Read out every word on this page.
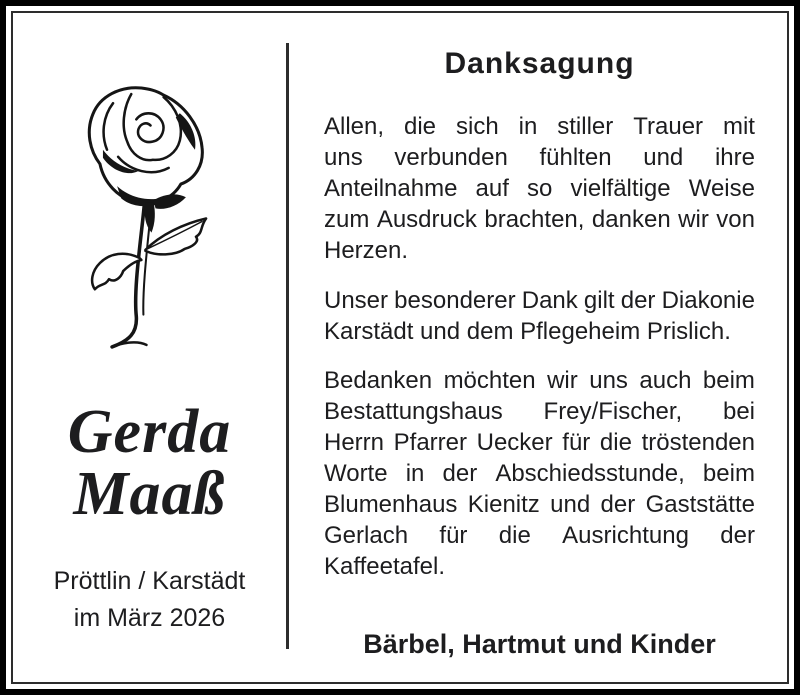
Gerda
Maaß
Pröttlin / Karstädt
im März 2026
Danksagung
Allen, die sich in stiller Trauer mit
uns verbunden fühlten und ihre
Anteilnahme auf so vielfältige Weise
zum Ausdruck brachten, danken wir von
Herzen.
Unser besonderer Dank gilt der Diakonie
Karstädt und dem Pflegeheim Prislich.
Bedanken möchten wir uns auch beim
Bestattungshaus Frey/Fischer, bei
Herrn Pfarrer Uecker für die tröstenden
Worte in der Abschiedsstunde, beim
Blumenhaus Kienitz und der Gaststätte
Gerlach für die Ausrichtung der
Kaffeetafel.
Bärbel, Hartmut und Kinder
